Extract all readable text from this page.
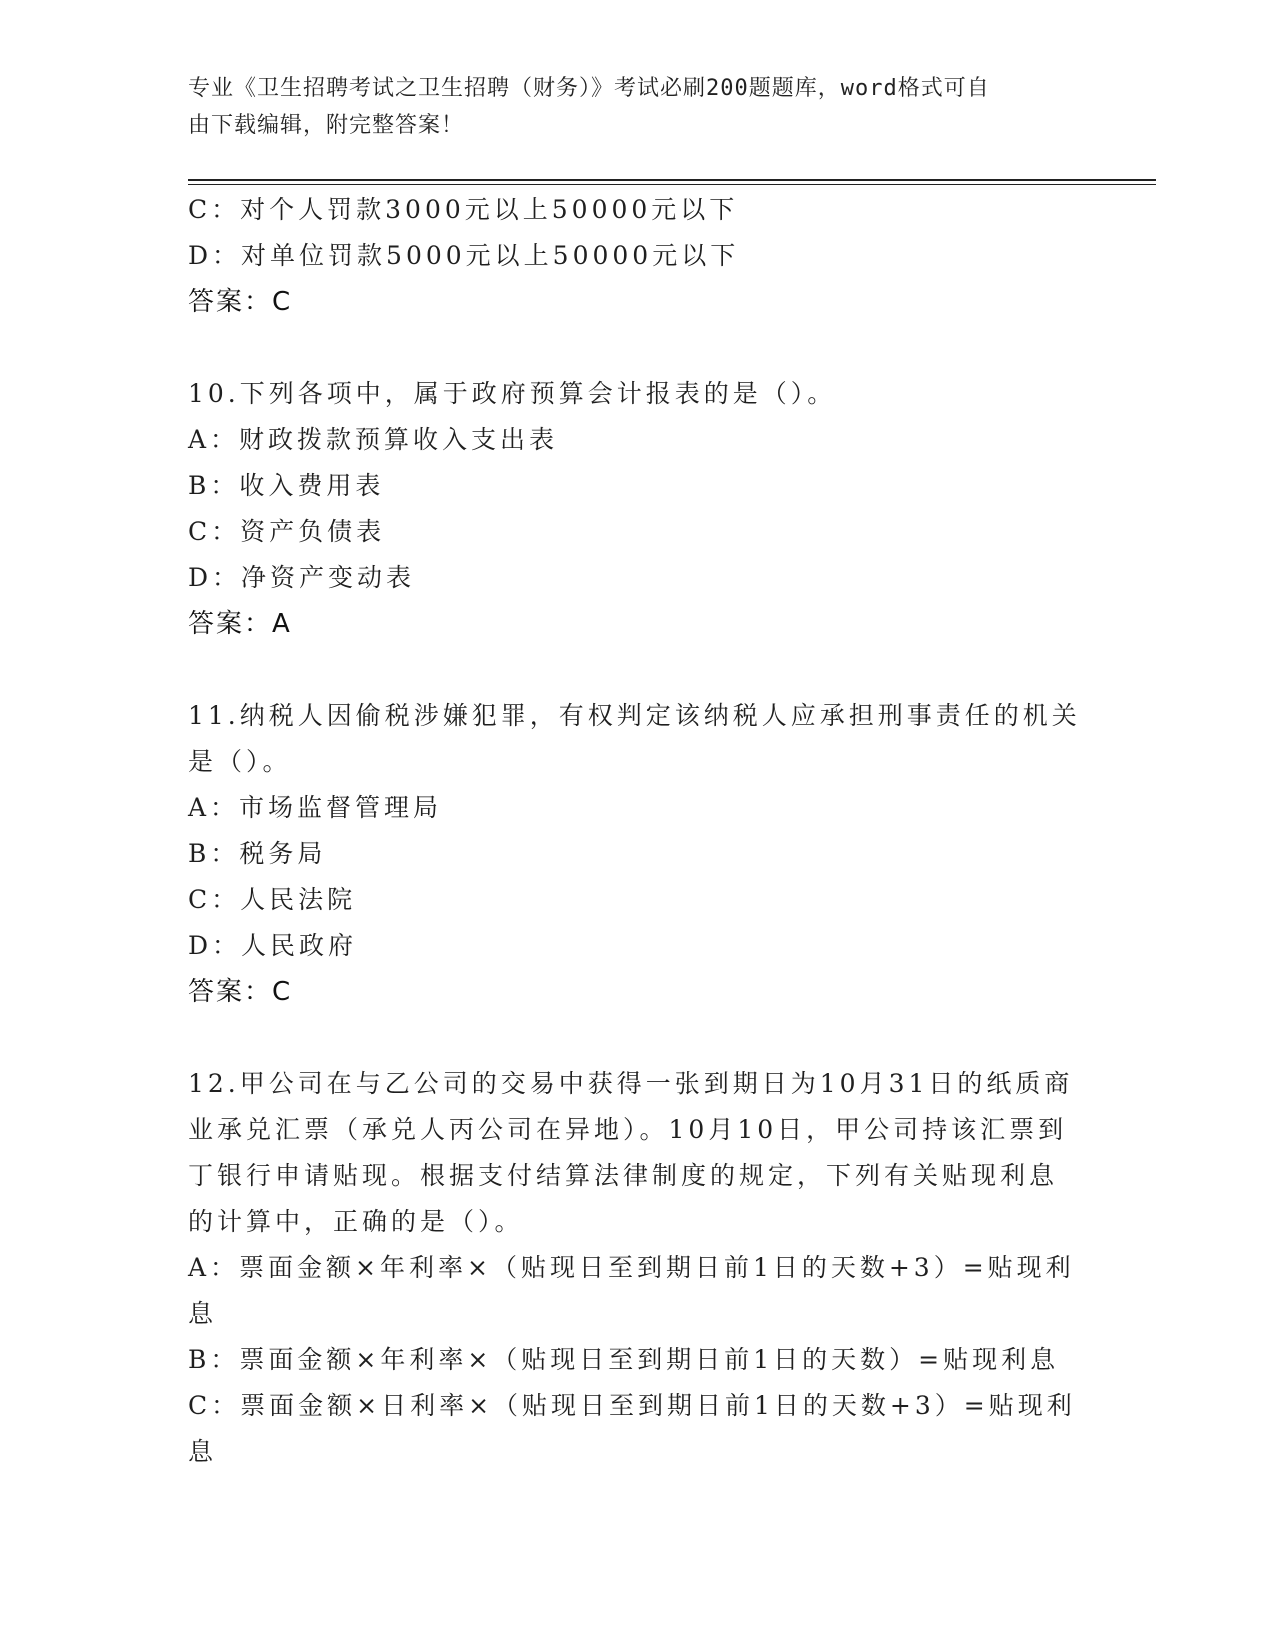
专业《卫生招聘考试之卫生招聘（财务）》考试必刷200题题库，word格式可自
由下载编辑，附完整答案！
C：对个人罚款3000元以上50000元以下
D：对单位罚款5000元以上50000元以下
答案：C
10.下列各项中，属于政府预算会计报表的是（）。
A：财政拨款预算收入支出表
B：收入费用表
C：资产负债表
D：净资产变动表
答案：A
11.纳税人因偷税涉嫌犯罪，有权判定该纳税人应承担刑事责任的机关
是（）。
A：市场监督管理局
B：税务局
C：人民法院
D：人民政府
答案：C
12.甲公司在与乙公司的交易中获得一张到期日为10月31日的纸质商
业承兑汇票（承兑人丙公司在异地）。10月10日，甲公司持该汇票到
丁银行申请贴现。根据支付结算法律制度的规定，下列有关贴现利息
的计算中，正确的是（）。
A：票面金额×年利率×（贴现日至到期日前1日的天数+3）=贴现利
息
B：票面金额×年利率×（贴现日至到期日前1日的天数）=贴现利息
C：票面金额×日利率×（贴现日至到期日前1日的天数+3）=贴现利
息
